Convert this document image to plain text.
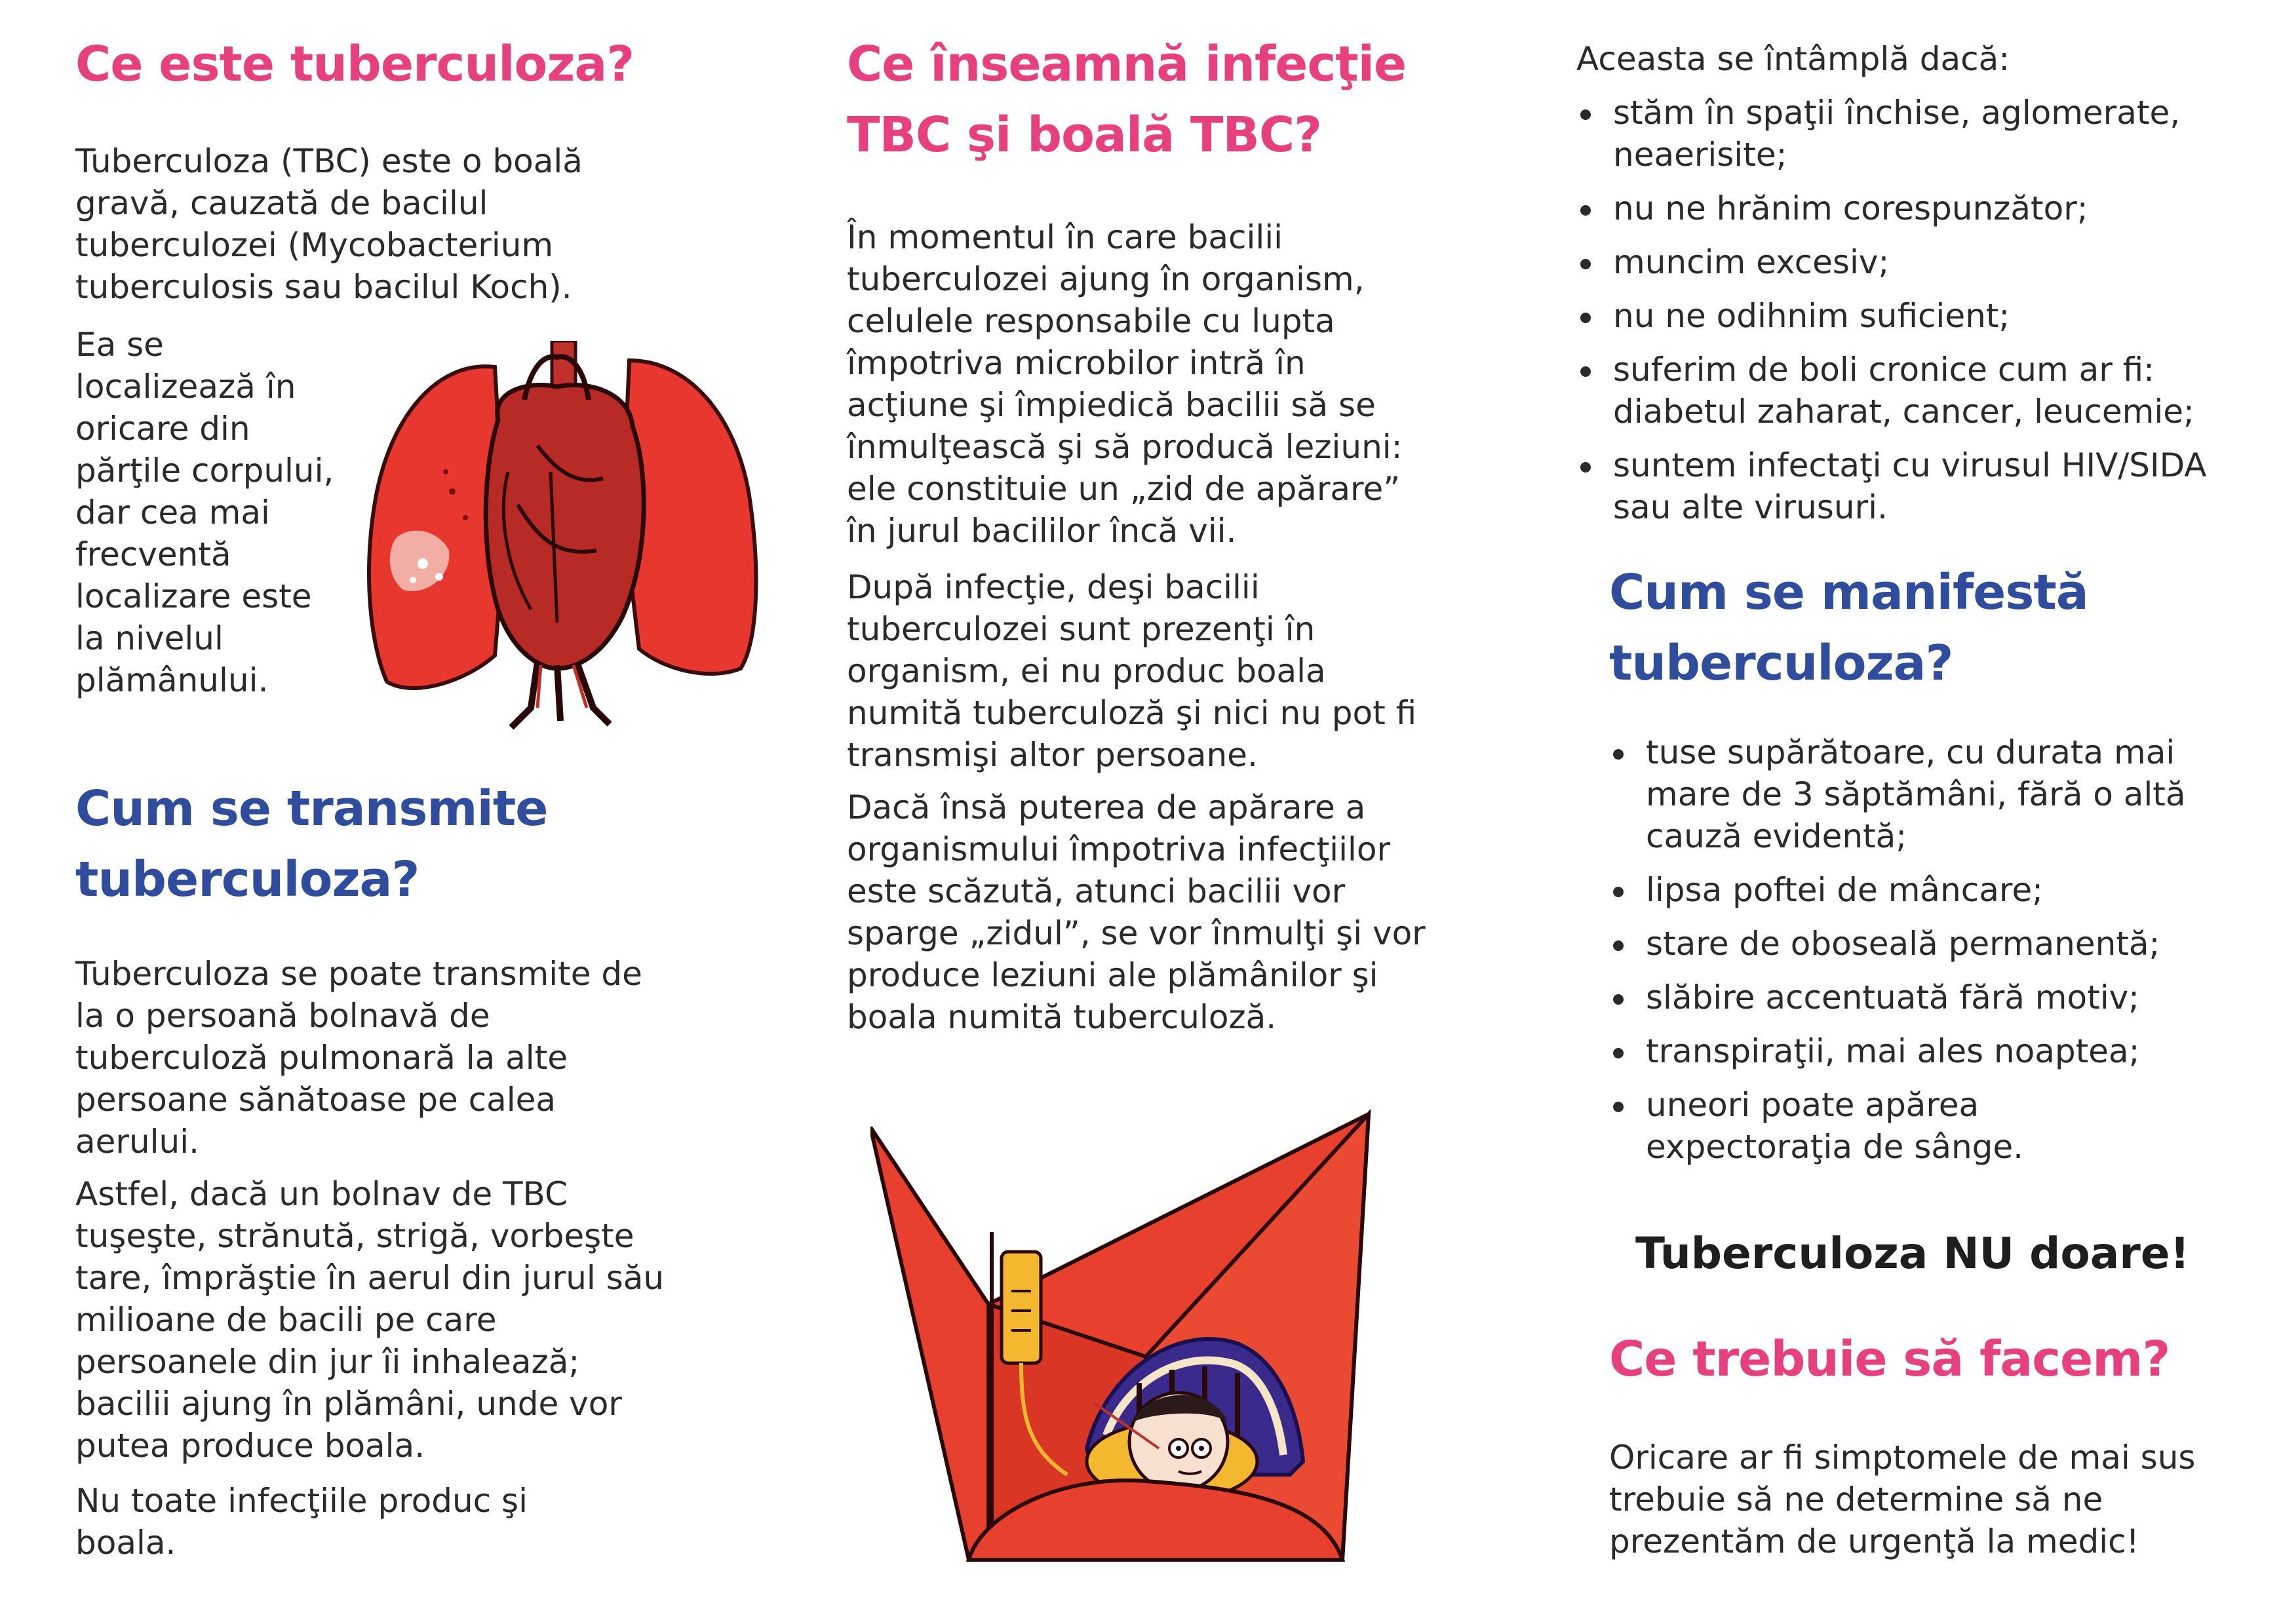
Ce este tuberculoza?

Tuberculoza (TBC) este o boală gravă, cauzată de bacilul tuberculozei (Mycobacterium tuberculosis sau bacilul Koch).

Ea se localizează în oricare din părţile corpului, dar cea mai frecventă localizare este la nivelul plămânului.

Cum se transmite tuberculoza?

Tuberculoza se poate transmite de la o persoană bolnavă de tuberculoză pulmonară la alte persoane sănătoase pe calea aerului.

Astfel, dacă un bolnav de TBC tuşeşte, strănută, strigă, vorbeşte tare, împrăştie în aerul din jurul său milioane de bacili pe care persoanele din jur îi inhalează; bacilii ajung în plămâni, unde vor putea produce boala.

Nu toate infecţiile produc şi boala.

Ce înseamnă infecţie TBC şi boală TBC?

În momentul în care bacilii tuberculozei ajung în organism, celulele responsabile cu lupta împotriva microbilor intră în acţiune şi împiedică bacilii să se înmulţească şi să producă leziuni: ele constituie un „zid de apărare” în jurul bacililor încă vii.

După infecţie, deşi bacilii tuberculozei sunt prezenţi în organism, ei nu produc boala numită tuberculoză şi nici nu pot fi transmişi altor persoane.

Dacă însă puterea de apărare a organismului împotriva infecţiilor este scăzută, atunci bacilii vor sparge „zidul”, se vor înmulţi şi vor produce leziuni ale plămânilor şi boala numită tuberculoză.

Aceasta se întâmplă dacă:

stăm în spaţii închise, aglomerate, neaerisite;
nu ne hrănim corespunzător;
muncim excesiv;
nu ne odihnim suficient;
suferim de boli cronice cum ar fi: diabetul zaharat, cancer, leucemie;
suntem infectaţi cu virusul HIV/SIDA sau alte virusuri.
Cum se manifestă tuberculoza?
tuse supărătoare, cu durata mai mare de 3 săptămâni, fără o altă cauză evidentă;
lipsa poftei de mâncare;
stare de oboseală permanentă;
slăbire accentuată fără motiv;
transpiraţii, mai ales noaptea;
uneori poate apărea expectoraţia de sânge.
Tuberculoza NU doare!
Ce trebuie să facem?

Oricare ar fi simptomele de mai sus trebuie să ne determine să ne prezentăm de urgenţă la medic!
